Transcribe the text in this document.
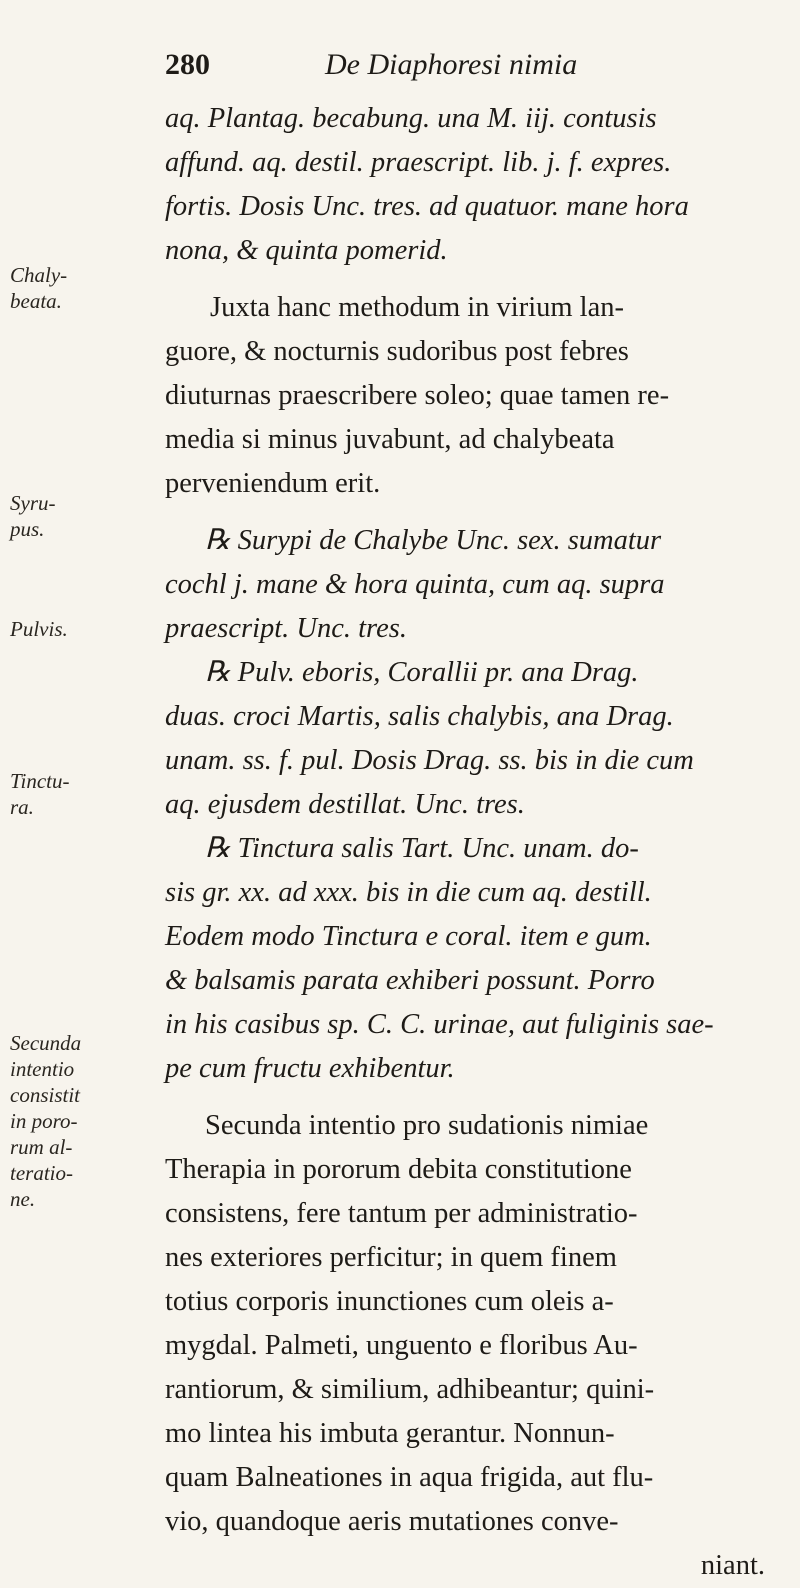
280	De Diaphoresi nimia
Chaly-
beata.
Syru-
pus.
Pulvis.
Tinctu-
ra.
Secunda
intentio
consistit
in poro-
rum al-
teratio-
ne.
aq. Plantag. becabung. una M. iij. contusis
affund. aq. destil. praescript. lib. j. f. expres.
fortis. Dosis Unc. tres. ad quatuor. mane hora
nona, & quinta pomerid.
Juxta hanc methodum in virium lan-
guore, & nocturnis sudoribus post febres
diuturnas praescribere soleo; quae tamen re-
media si minus juvabunt, ad chalybeata
perveniendum erit.
℞ Surypi de Chalybe Unc. sex. sumatur
cochl j. mane & hora quinta, cum aq. supra
praescript. Unc. tres.
℞ Pulv. eboris, Corallii pr. ana Drag.
duas. croci Martis, salis chalybis, ana Drag.
unam. ss. f. pul. Dosis Drag. ss. bis in die cum
aq. ejusdem destillat. Unc. tres.
℞ Tinctura salis Tart. Unc. unam. do-
sis gr. xx. ad xxx. bis in die cum aq. destill.
Eodem modo Tinctura e coral. item e gum.
& balsamis parata exhiberi possunt. Porro
in his casibus sp. C. C. urinae, aut fuliginis sae-
pe cum fructu exhibentur.
Secunda intentio pro sudationis nimiae
Therapia in pororum debita constitutione
consistens, fere tantum per administratio-
nes exteriores perficitur; in quem finem
totius corporis inunctiones cum oleis a-
mygdal. Palmeti, unguento e floribus Au-
rantiorum, & similium, adhibeantur; quini-
mo lintea his imbuta gerantur. Nonnun-
quam Balneationes in aqua frigida, aut flu-
vio, quandoque aeris mutationes conve-
niant.
